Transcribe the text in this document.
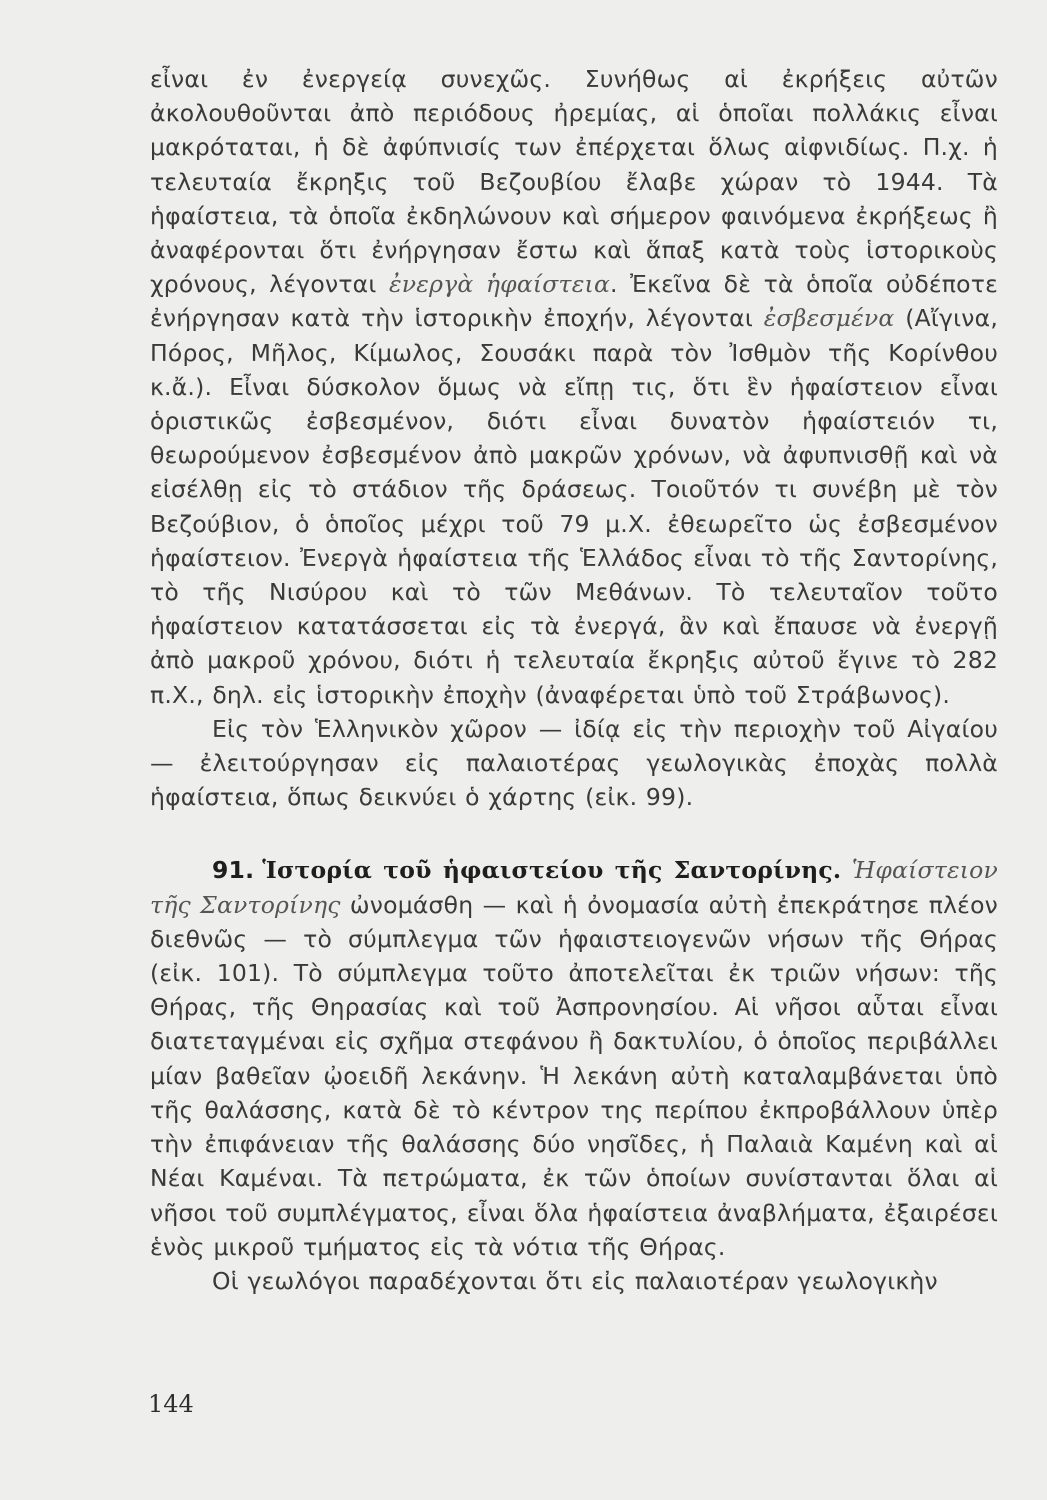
εἶναι ἐν ἐνεργείᾳ συνεχῶς. Συνήθως αἱ ἐκρήξεις αὐτῶν ἀκολουθοῦνται ἀπὸ περιόδους ἠρεμίας, αἱ ὁποῖαι πολλάκις εἶναι μακρόταται, ἡ δὲ ἀφύπνισίς των ἐπέρχεται ὅλως αἰφνιδίως. Π.χ. ἡ τελευταία ἔκρηξις τοῦ Βεζουβίου ἔλαβε χώραν τὸ 1944. Τὰ ἡφαίστεια, τὰ ὁποῖα ἐκδηλώνουν καὶ σήμερον φαινόμενα ἐκρήξεως ἢ ἀναφέρονται ὅτι ἐνήργησαν ἔστω καὶ ἅπαξ κατὰ τοὺς ἱστορικοὺς χρόνους, λέγονται ἐνεργὰ ἡφαίστεια. Ἐκεῖνα δὲ τὰ ὁποῖα οὐδέποτε ἐνήργησαν κατὰ τὴν ἱστορικὴν ἐποχήν, λέγονται ἐσβεσμένα (Αἴγινα, Πόρος, Μῆλος, Κίμωλος, Σουσάκι παρὰ τὸν Ἰσθμὸν τῆς Κορίνθου κ.ἄ.). Εἶναι δύσκολον ὅμως νὰ εἴπῃ τις, ὅτι ἓν ἡφαίστειον εἶναι ὁριστικῶς ἐσβεσμένον, διότι εἶναι δυνατὸν ἡφαίστειόν τι, θεωρούμενον ἐσβεσμένον ἀπὸ μακρῶν χρόνων, νὰ ἀφυπνισθῇ καὶ νὰ εἰσέλθῃ εἰς τὸ στάδιον τῆς δράσεως. Τοιοῦτόν τι συνέβη μὲ τὸν Βεζούβιον, ὁ ὁποῖος μέχρι τοῦ 79 μ.Χ. ἐθεωρεῖτο ὡς ἐσβεσμένον ἡφαίστειον. Ἐνεργὰ ἡφαίστεια τῆς Ἑλλάδος εἶναι τὸ τῆς Σαντορίνης, τὸ τῆς Νισύρου καὶ τὸ τῶν Μεθάνων. Τὸ τελευταῖον τοῦτο ἡφαίστειον κατατάσσεται εἰς τὰ ἐνεργά, ἂν καὶ ἔπαυσε νὰ ἐνεργῇ ἀπὸ μακροῦ χρόνου, διότι ἡ τελευταία ἔκρηξις αὐτοῦ ἔγινε τὸ 282 π.Χ., δηλ. εἰς ἱστορικὴν ἐποχὴν (ἀναφέρεται ὑπὸ τοῦ Στράβωνος).

Εἰς τὸν Ἑλληνικὸν χῶρον — ἰδίᾳ εἰς τὴν περιοχὴν τοῦ Αἰγαίου — ἐλειτούργησαν εἰς παλαιοτέρας γεωλογικὰς ἐποχὰς πολλὰ ἡφαίστεια, ὅπως δεικνύει ὁ χάρτης (εἰκ. 99).

91. Ἱστορία τοῦ ἡφαιστείου τῆς Σαντορίνης. Ἡφαίστειον τῆς Σαντορίνης ὠνομάσθη — καὶ ἡ ὀνομασία αὐτὴ ἐπεκράτησε πλέον διεθνῶς — τὸ σύμπλεγμα τῶν ἡφαιστειογενῶν νήσων τῆς Θήρας (εἰκ. 101). Τὸ σύμπλεγμα τοῦτο ἀποτελεῖται ἐκ τριῶν νήσων: τῆς Θήρας, τῆς Θηρασίας καὶ τοῦ Ἀσπρονησίου. Αἱ νῆσοι αὗται εἶναι διατεταγμέναι εἰς σχῆμα στεφάνου ἢ δακτυλίου, ὁ ὁποῖος περιβάλλει μίαν βαθεῖαν ᾠοειδῆ λεκάνην. Ἡ λεκάνη αὐτὴ καταλαμβάνεται ὑπὸ τῆς θαλάσσης, κατὰ δὲ τὸ κέντρον της περίπου ἐκπροβάλλουν ὑπὲρ τὴν ἐπιφάνειαν τῆς θαλάσσης δύο νησῖδες, ἡ Παλαιὰ Καμένη καὶ αἱ Νέαι Καμέναι. Τὰ πετρώματα, ἐκ τῶν ὁποίων συνίστανται ὅλαι αἱ νῆσοι τοῦ συμπλέγματος, εἶναι ὅλα ἡφαίστεια ἀναβλήματα, ἐξαιρέσει ἑνὸς μικροῦ τμήματος εἰς τὰ νότια τῆς Θήρας.

Οἱ γεωλόγοι παραδέχονται ὅτι εἰς παλαιοτέραν γεωλογικὴν

144
